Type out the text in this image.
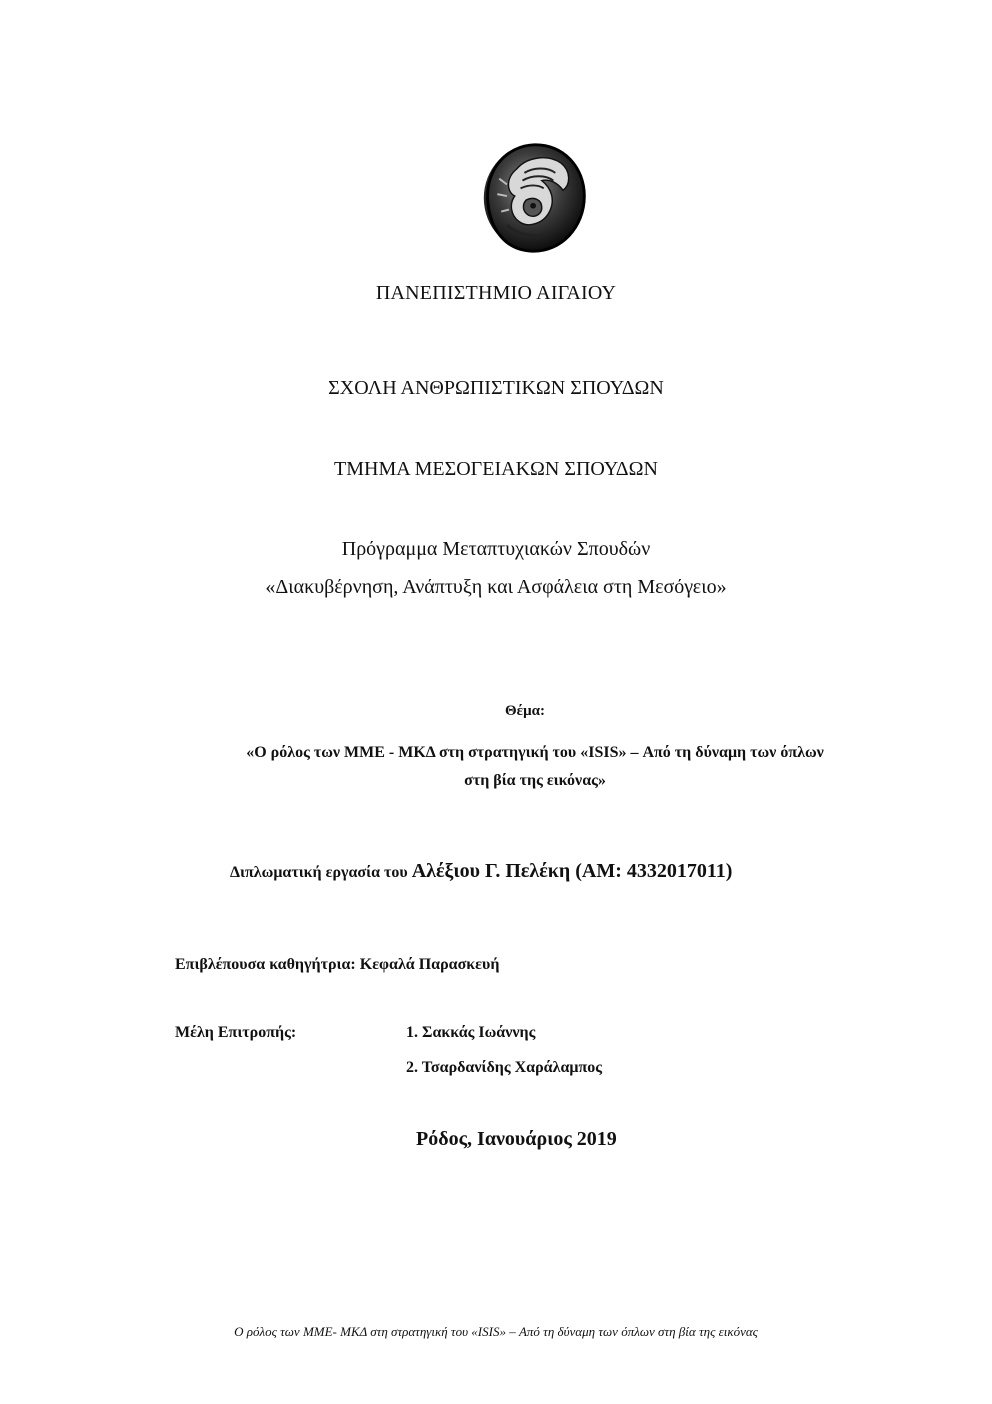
ΠΑΝΕΠΙΣΤΗΜΙΟ ΑΙΓΑΙΟΥ
ΣΧΟΛΗ ΑΝΘΡΩΠΙΣΤΙΚΩΝ ΣΠΟΥΔΩΝ
ΤΜΗΜΑ ΜΕΣΟΓΕΙΑΚΩΝ ΣΠΟΥΔΩΝ
Πρόγραμμα Μεταπτυχιακών Σπουδών
«Διακυβέρνηση, Ανάπτυξη και Ασφάλεια στη Μεσόγειο»
Θέμα:
«Ο ρόλος των ΜΜΕ - ΜΚΔ στη στρατηγική του «ISIS» – Από τη δύναμη των όπλων
στη βία της εικόνας»
Διπλωματική εργασία του Αλέξιου Γ. Πελέκη (ΑΜ: 4332017011)
Επιβλέπουσα καθηγήτρια: Κεφαλά Παρασκευή
Μέλη Επιτροπής:	1. Σακκάς Ιωάννης
2. Τσαρδανίδης Χαράλαμπος
Ρόδος, Ιανουάριος 2019
Ο ρόλος των ΜΜΕ- ΜΚΔ στη στρατηγική του «ISIS» – Από τη δύναμη των όπλων στη βία της εικόνας
